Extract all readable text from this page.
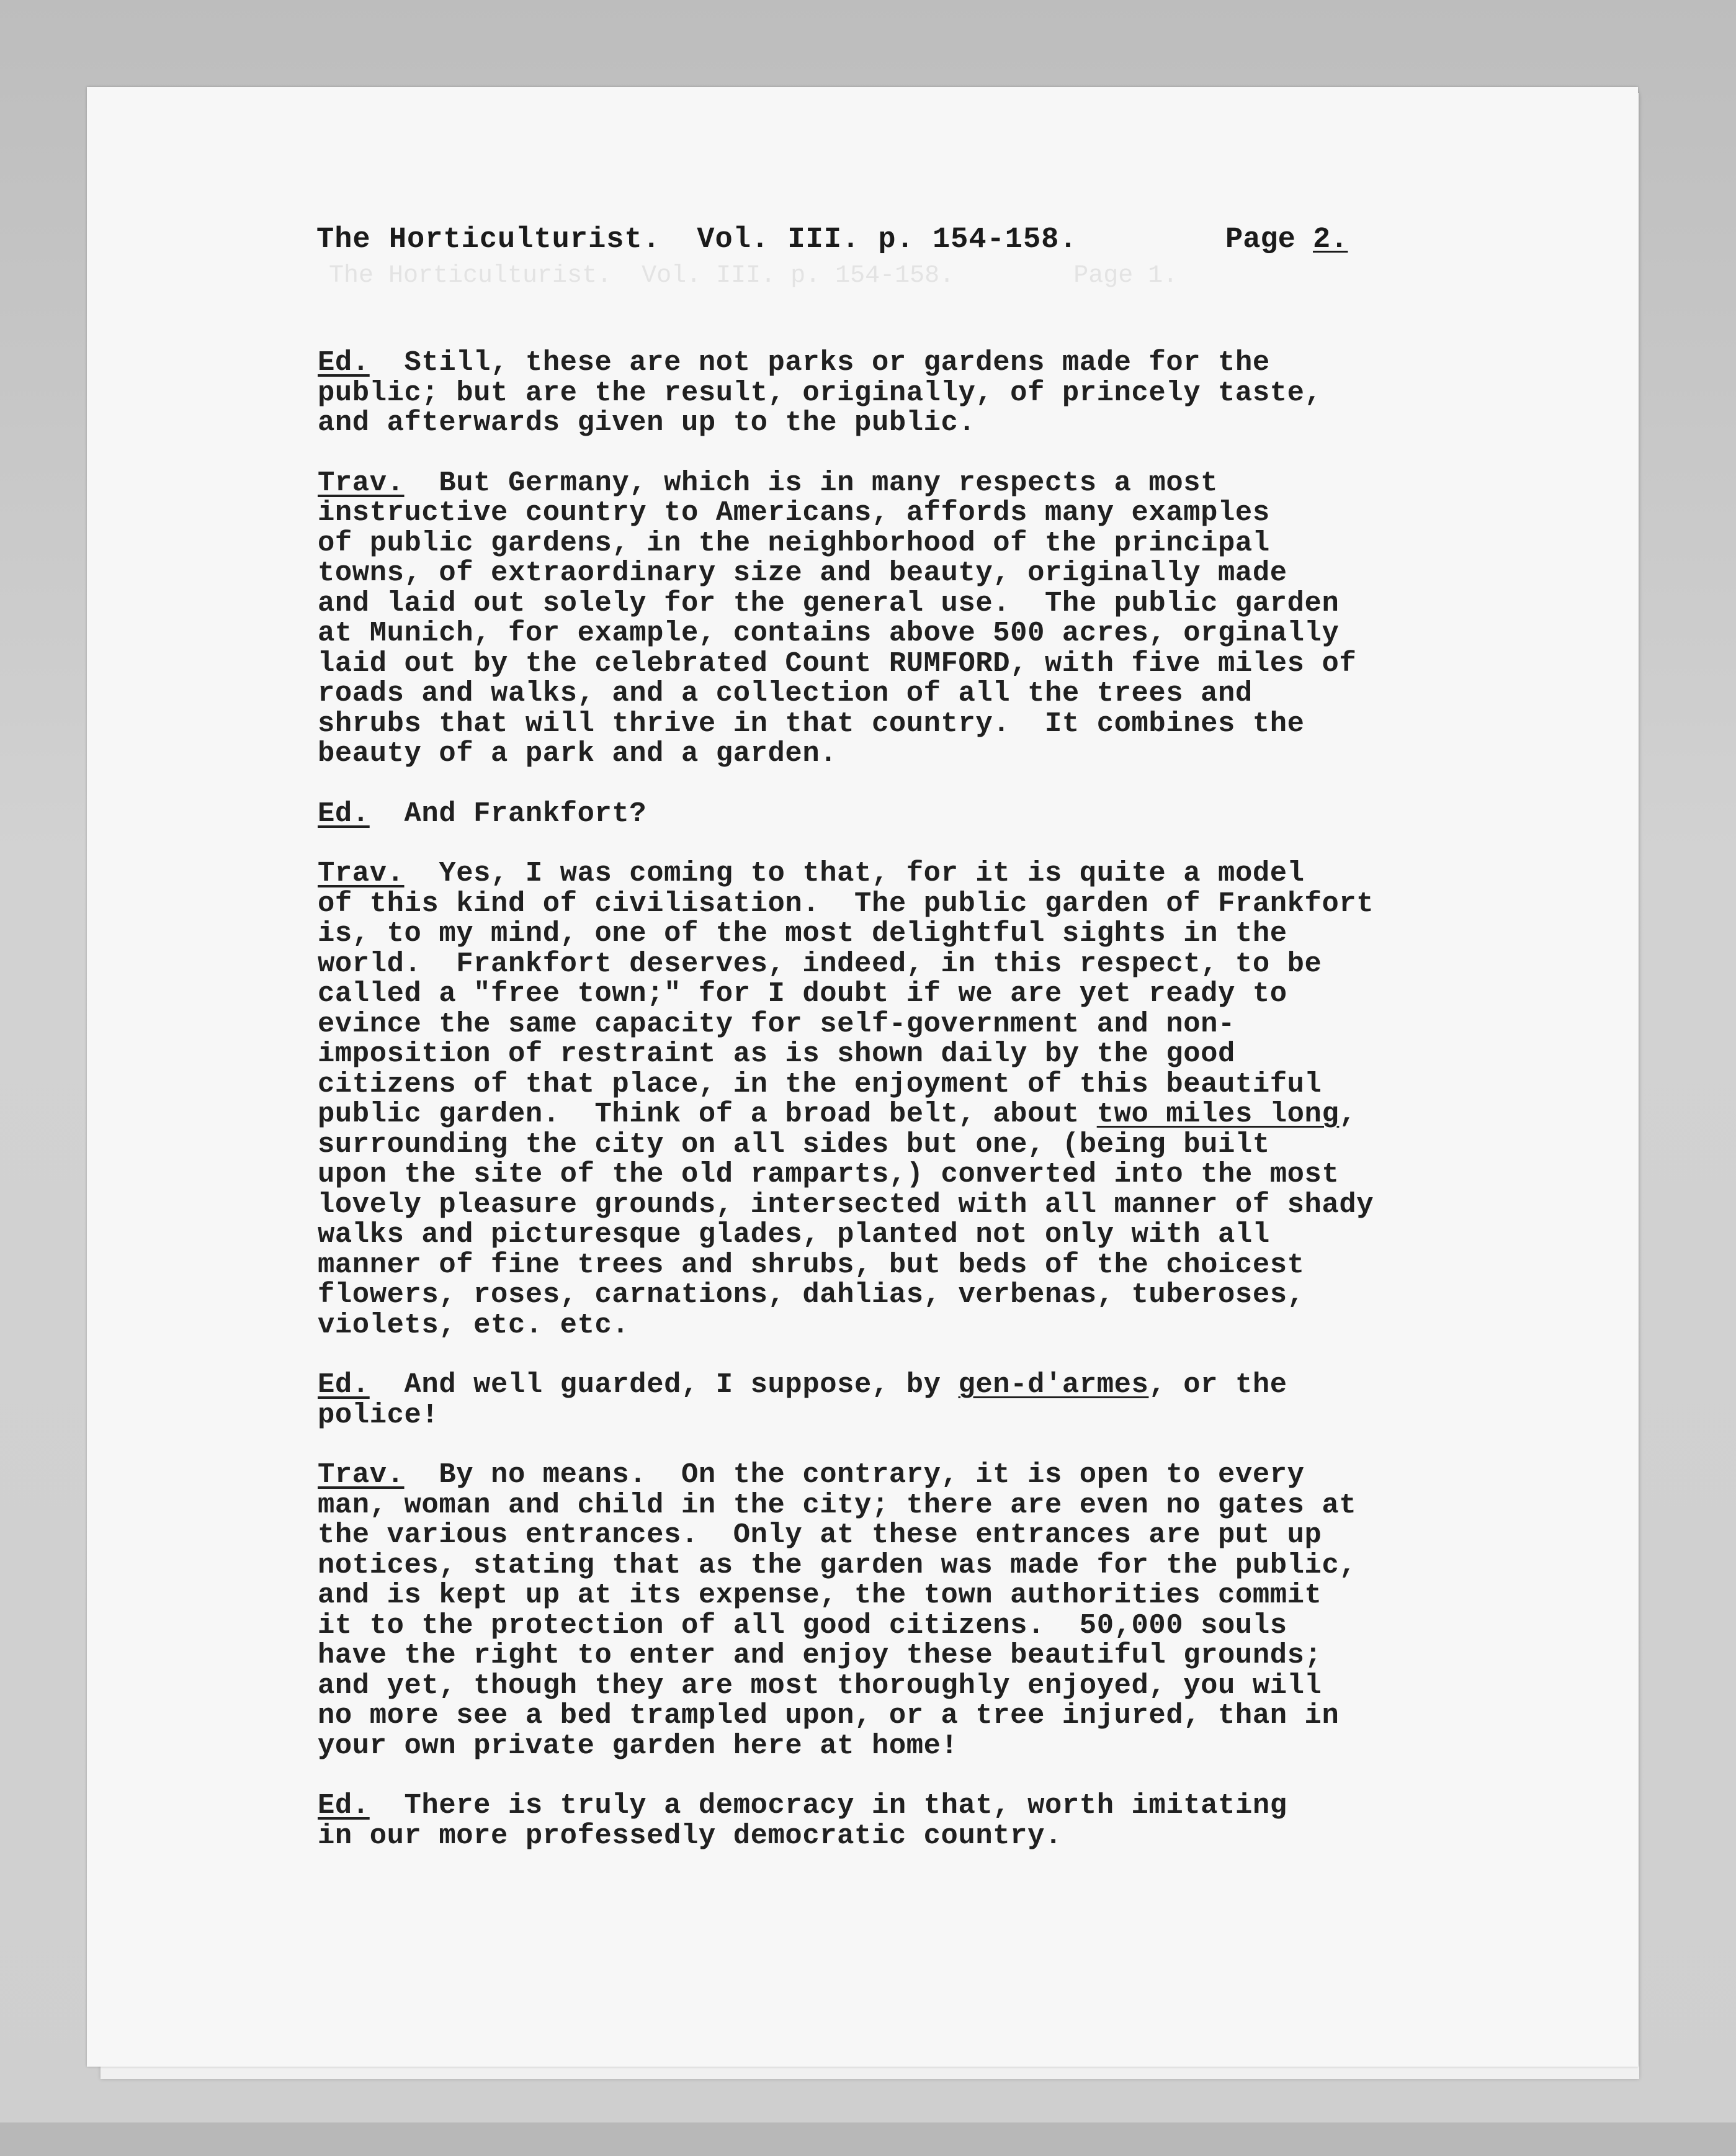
The Horticulturist.  Vol. III. p. 154-158.        Page 1.
The Horticulturist.  Vol. III. p. 154-158.	Page 2.
Ed.  Still, these are not parks or gardens made for the
public; but are the result, originally, of princely taste,
and afterwards given up to the public.
Trav.  But Germany, which is in many respects a most
instructive country to Americans, affords many examples
of public gardens, in the neighborhood of the principal
towns, of extraordinary size and beauty, originally made
and laid out solely for the general use.  The public garden
at Munich, for example, contains above 500 acres, orginally
laid out by the celebrated Count RUMFORD, with five miles of
roads and walks, and a collection of all the trees and
shrubs that will thrive in that country.  It combines the
beauty of a park and a garden.
Ed.  And Frankfort?
Trav.  Yes, I was coming to that, for it is quite a model
of this kind of civilisation.  The public garden of Frankfort
is, to my mind, one of the most delightful sights in the
world.  Frankfort deserves, indeed, in this respect, to be
called a "free town;" for I doubt if we are yet ready to
evince the same capacity for self-government and non-
imposition of restraint as is shown daily by the good
citizens of that place, in the enjoyment of this beautiful
public garden.  Think of a broad belt, about two miles long,
surrounding the city on all sides but one, (being built
upon the site of the old ramparts,) converted into the most
lovely pleasure grounds, intersected with all manner of shady
walks and picturesque glades, planted not only with all
manner of fine trees and shrubs, but beds of the choicest
flowers, roses, carnations, dahlias, verbenas, tuberoses,
violets, etc. etc.
Ed.  And well guarded, I suppose, by gen-d'armes, or the
police!
Trav.  By no means.  On the contrary, it is open to every
man, woman and child in the city; there are even no gates at
the various entrances.  Only at these entrances are put up
notices, stating that as the garden was made for the public,
and is kept up at its expense, the town authorities commit
it to the protection of all good citizens.  50,000 souls
have the right to enter and enjoy these beautiful grounds;
and yet, though they are most thoroughly enjoyed, you will
no more see a bed trampled upon, or a tree injured, than in
your own private garden here at home!
Ed.  There is truly a democracy in that, worth imitating
in our more professedly democratic country.
